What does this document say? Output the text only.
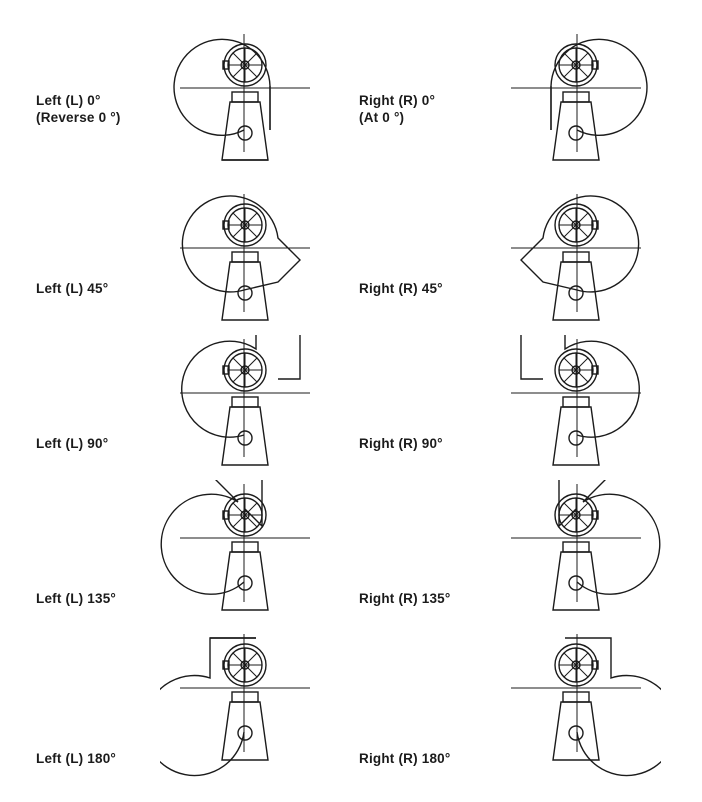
Left (L) 0°
(Reverse 0 °)
Right (R) 0°
(At 0 °)
Left (L) 45°	Right (R) 45°
Left (L) 90°	Right (R) 90°
Left (L) 135°	Right (R) 135°
Left (L) 180°	Right (R) 180°
